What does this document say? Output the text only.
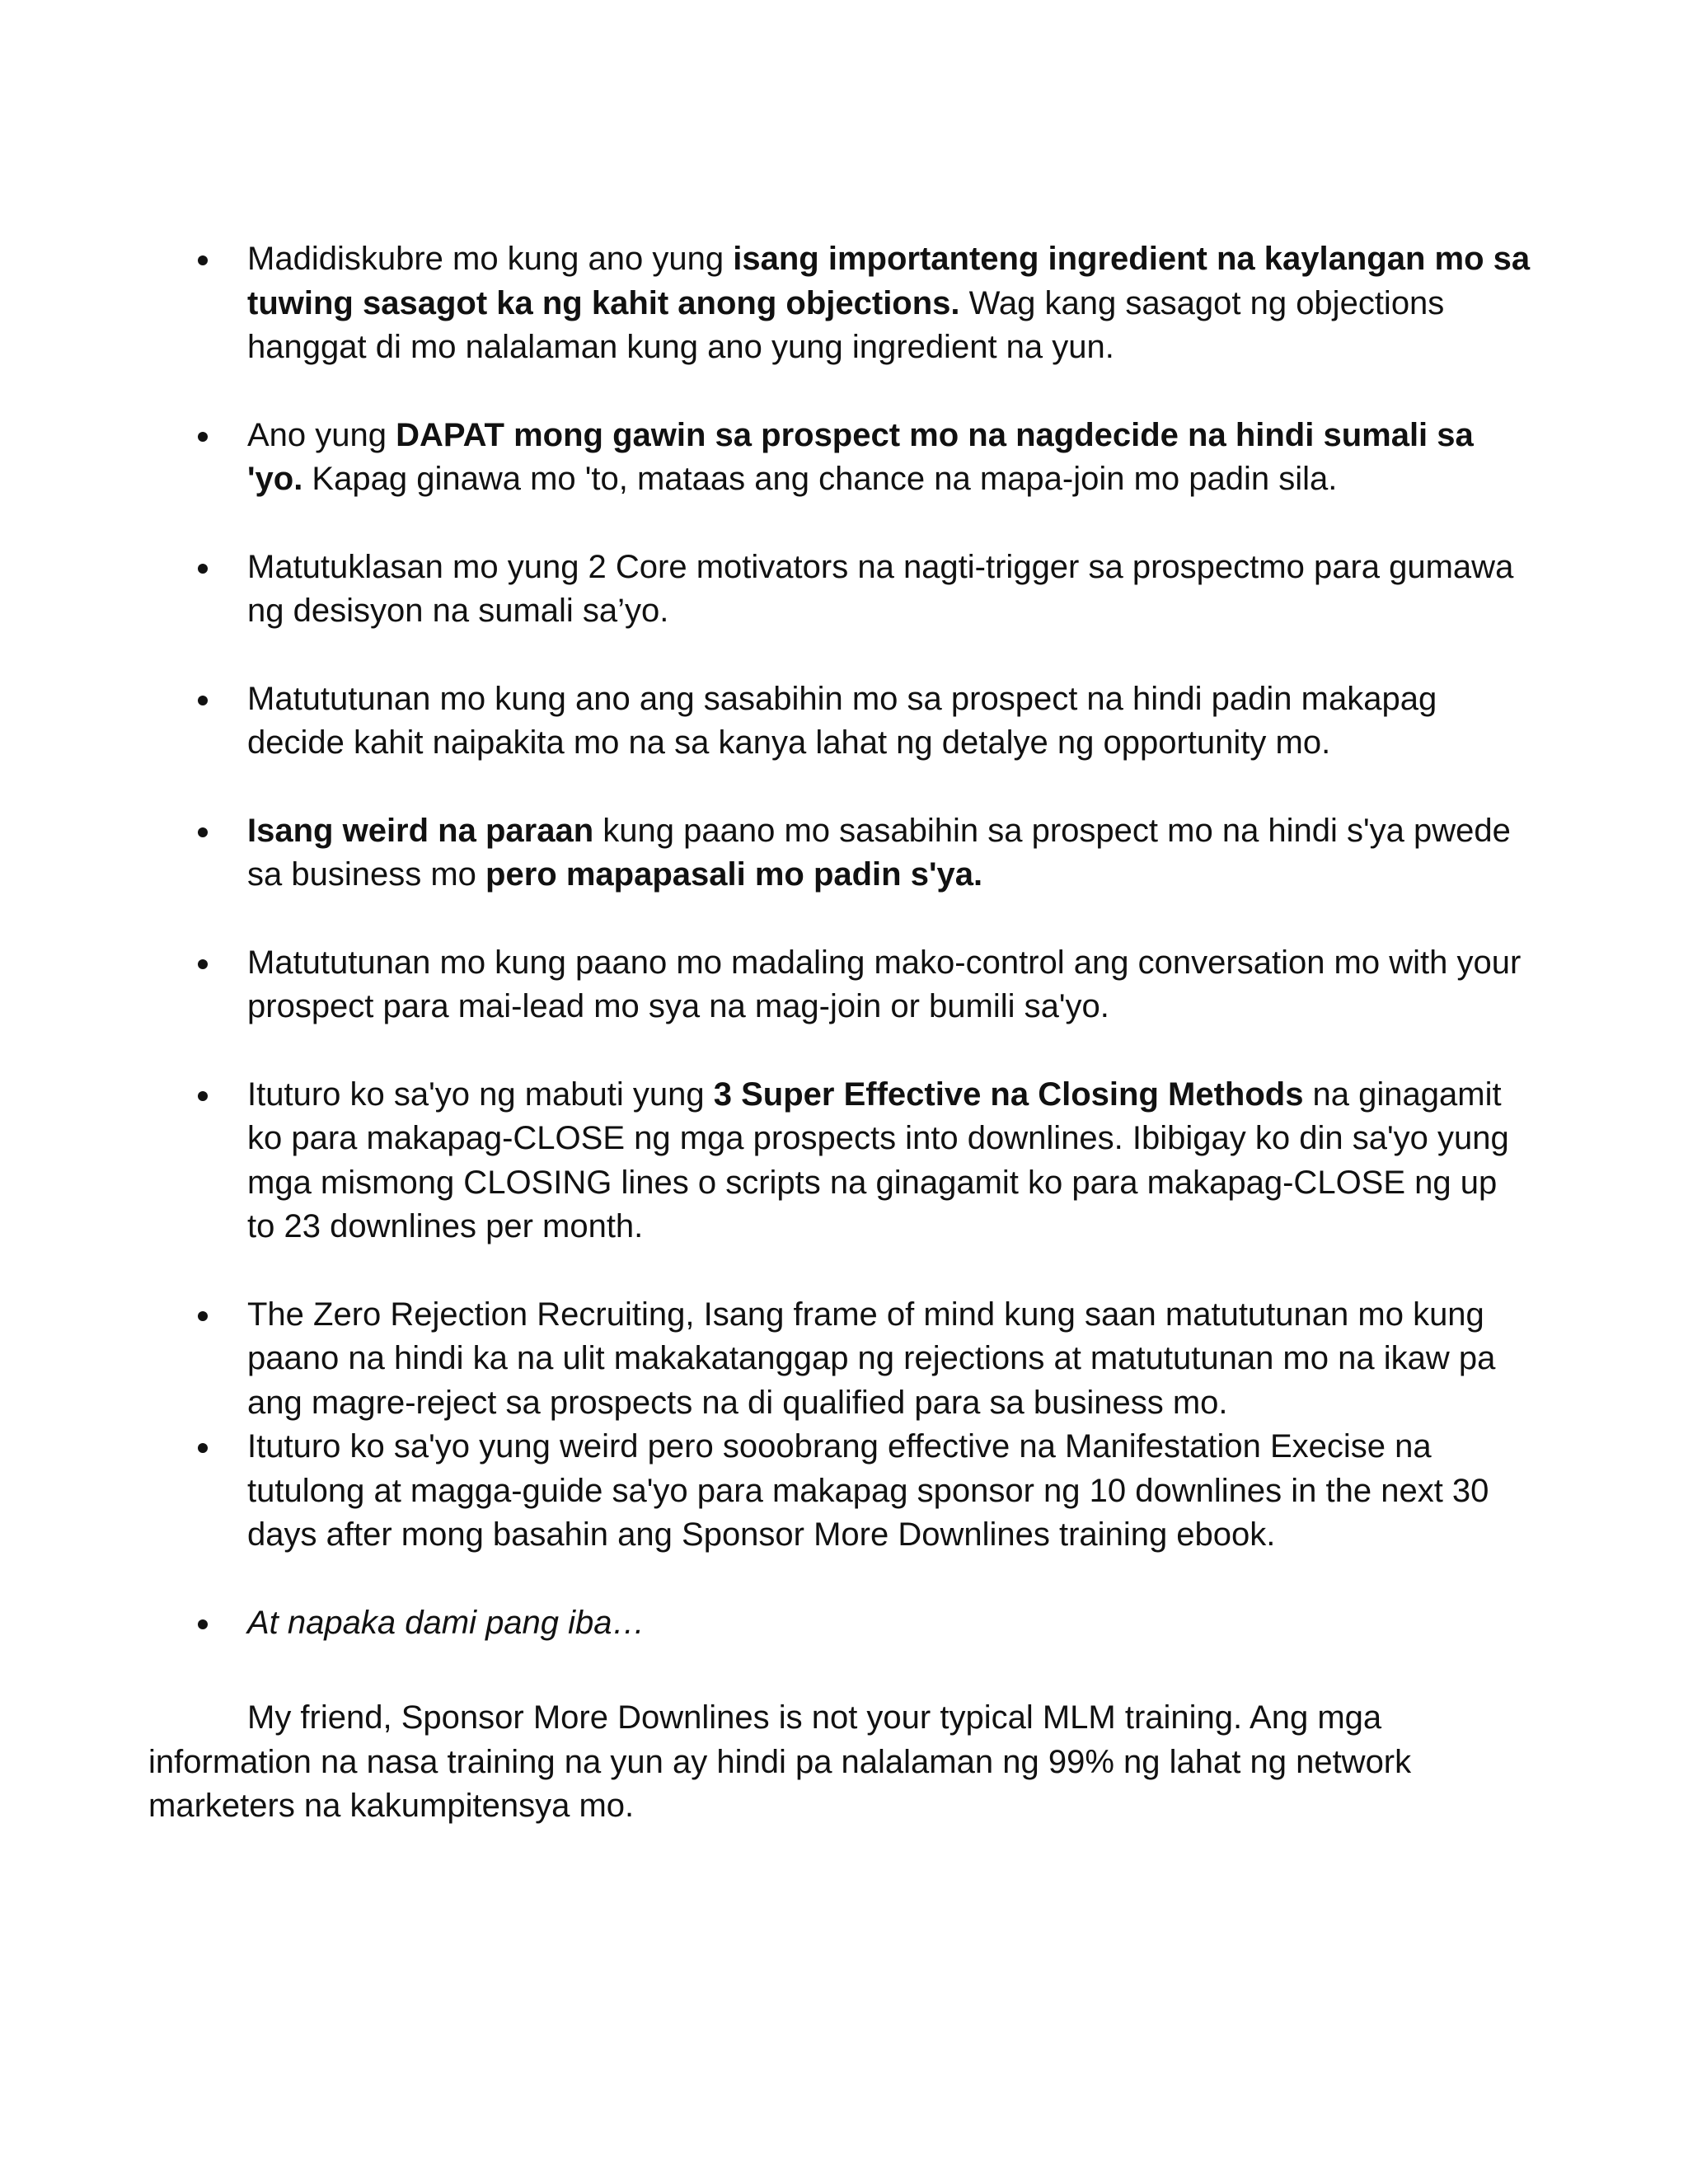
Madidiskubre mo kung ano yung isang importanteng ingredient na kaylangan mo sa tuwing sasagot ka ng kahit anong objections. Wag kang sasagot ng objections hanggat di mo nalalaman kung ano yung ingredient na yun.
Ano yung DAPAT mong gawin sa prospect mo na nagdecide na hindi sumali sa 'yo. Kapag ginawa mo 'to, mataas ang chance na mapa-join mo padin sila.
Matutuklasan mo yung 2 Core motivators na nagti-trigger sa prospectmo para gumawa ng desisyon na sumali sa’yo.
Matututunan mo kung ano ang sasabihin mo sa prospect na hindi padin makapag decide kahit naipakita mo na sa kanya lahat ng detalye ng opportunity mo.
Isang weird na paraan kung paano mo sasabihin sa prospect mo na hindi s'ya pwede sa business mo pero mapapasali mo padin s'ya.
Matututunan mo kung paano mo madaling mako-control ang conversation mo with your prospect para mai-lead mo sya na mag-join or bumili sa'yo.
Ituturo ko sa'yo ng mabuti yung 3 Super Effective na Closing Methods na ginagamit ko para makapag-CLOSE ng mga prospects into downlines. Ibibigay ko din sa'yo yung mga mismong CLOSING lines o scripts na ginagamit ko para makapag-CLOSE ng up to 23 downlines per month.
The Zero Rejection Recruiting, Isang frame of mind kung saan matututunan mo kung paano na hindi ka na ulit makakatanggap ng rejections at matututunan mo na ikaw pa ang magre-reject sa prospects na di qualified para sa business mo.
Ituturo ko sa'yo yung weird pero sooobrang effective na Manifestation Execise na tutulong at magga-guide sa'yo para makapag sponsor ng 10 downlines in the next 30 days after mong basahin ang Sponsor More Downlines training ebook.
At napaka dami pang iba…

My friend, Sponsor More Downlines is not your typical MLM training. Ang mga information na nasa training na yun ay hindi pa nalalaman ng 99% ng lahat ng network marketers na kakumpitensya mo.
